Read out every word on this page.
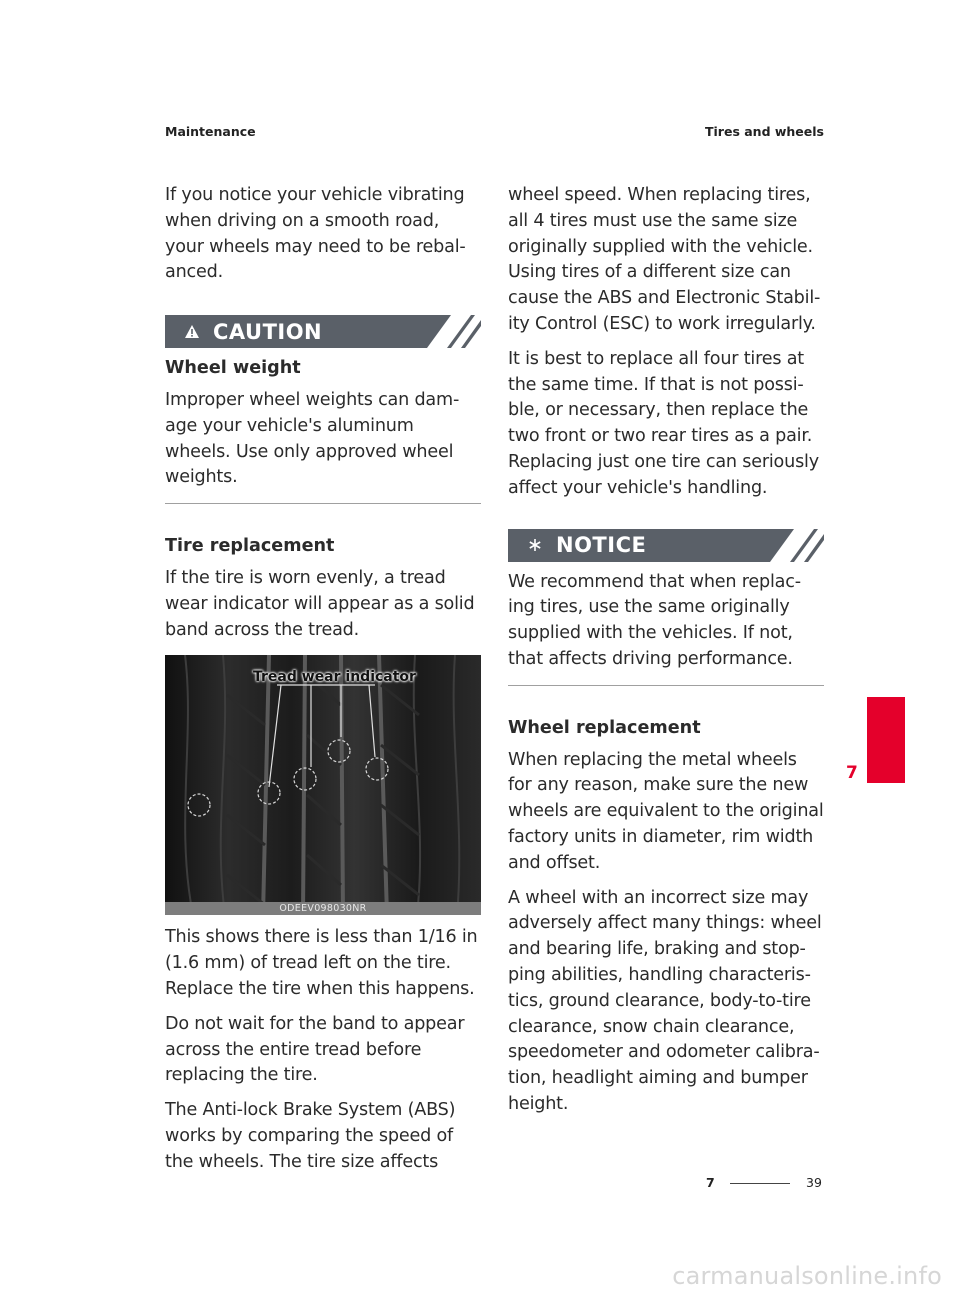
Maintenance	Tires and wheels

If you notice your vehicle vibrating when driving on a smooth road, your wheels may need to be rebal-anced.

CAUTION
Wheel weight

Improper wheel weights can dam-age your vehicle's aluminum wheels. Use only approved wheel weights.

Tire replacement

If the tire is worn evenly, a tread wear indicator will appear as a solid band across the tread.

Tread wear indicator
ODEEV098030NR

This shows there is less than 1/16 in (1.6 mm) of tread left on the tire. Replace the tire when this happens.

Do not wait for the band to appear across the entire tread before replacing the tire.

The Anti-lock Brake System (ABS) works by comparing the speed of the wheels. The tire size affects

wheel speed. When replacing tires, all 4 tires must use the same size originally supplied with the vehicle. Using tires of a different size can cause the ABS and Electronic Stabil-ity Control (ESC) to work irregularly.

It is best to replace all four tires at the same time. If that is not possi-ble, or necessary, then replace the two front or two rear tires as a pair. Replacing just one tire can seriously affect your vehicle's handling.

NOTICE

We recommend that when replac-ing tires, use the same originally supplied with the vehicles. If not, that affects driving performance.

Wheel replacement

When replacing the metal wheels for any reason, make sure the new wheels are equivalent to the original factory units in diameter, rim width and offset.

A wheel with an incorrect size may adversely affect many things: wheel and bearing life, braking and stop-ping abilities, handling characteris-tics, ground clearance, body-to-tire clearance, snow chain clearance, speedometer and odometer calibra-tion, headlight aiming and bumper height.

7
7	39
carmanualsonline.info
